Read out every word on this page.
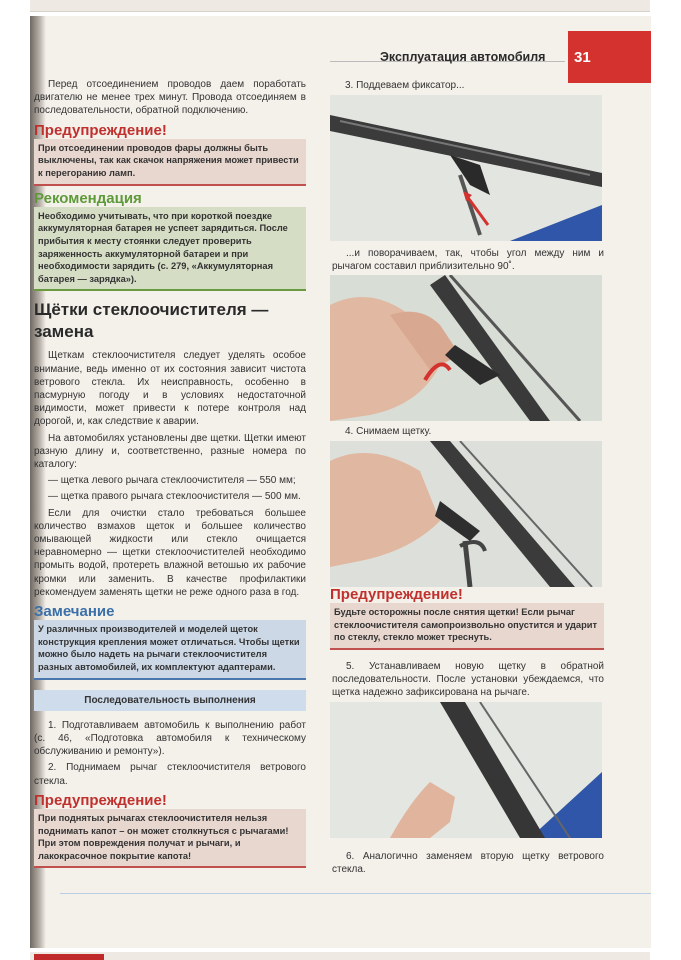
Эксплуатация автомобиля	31

Перед отсоединением проводов даем поработать двигателю не менее трех минут. Провода отсоединяем в последовательности, обратной подключению.

Предупреждение!
При отсоединении проводов фары должны быть выключены, так как скачок напряжения может привести к перегоранию ламп.
Рекомендация
Необходимо учитывать, что при короткой поездке аккумуляторная батарея не успеет зарядиться. После прибытия к месту стоянки следует проверить заряженность аккумуляторной батареи и при необходимости зарядить (с. 279, «Аккумуляторная батарея — зарядка»).
Щётки стеклоочистителя — замена

Щеткам стеклоочистителя следует уделять особое внимание, ведь именно от их состояния зависит чистота ветрового стекла. Их неисправность, особенно в пасмурную погоду и в условиях недостаточной видимости, может привести к потере контроля над дорогой, и, как следствие к аварии.

На автомобилях установлены две щетки. Щетки имеют разную длину и, соответственно, разные номера по каталогу:

— щетка левого рычага стеклоочистителя — 550 мм;

— щетка правого рычага стеклоочистителя — 500 мм.

Если для очистки стало требоваться большее количество взмахов щеток и большее количество омывающей жидкости или стекло очищается неравномерно — щетки стеклоочистителей необходимо промыть водой, протереть влажной ветошью их рабочие кромки или заменить. В качестве профилактики рекомендуем заменять щетки не реже одного раза в год.

Замечание
У различных производителей и моделей щеток конструкция крепления может отличаться. Чтобы щетки можно было надеть на рычаги стеклоочистителя разных автомобилей, их комплектуют адаптерами.
Последовательность выполнения

1. Подготавливаем автомобиль к выполнению работ (с. 46, «Подготовка автомобиля к техническому обслуживанию и ремонту»).

2. Поднимаем рычаг стеклоочистителя ветрового стекла.

Предупреждение!
При поднятых рычагах стеклоочистителя нельзя поднимать капот – он может столкнуться с рычагами! При этом повреждения получат и рычаги, и лакокрасочное покрытие капота!
3. Поддеваем фиксатор...
...и поворачиваем, так, чтобы угол между ним и рычагом составил приблизительно 90˚.
4. Снимаем щетку.
Предупреждение!
Будьте осторожны после снятия щетки! Если рычаг стеклоочистителя самопроизвольно опустится и ударит по стеклу, стекло может треснуть.
5. Устанавливаем новую щетку в обратной последовательности. После установки убеждаемся, что щетка надежно зафиксирована на рычаге.
6. Аналогично заменяем вторую щетку ветрового стекла.
